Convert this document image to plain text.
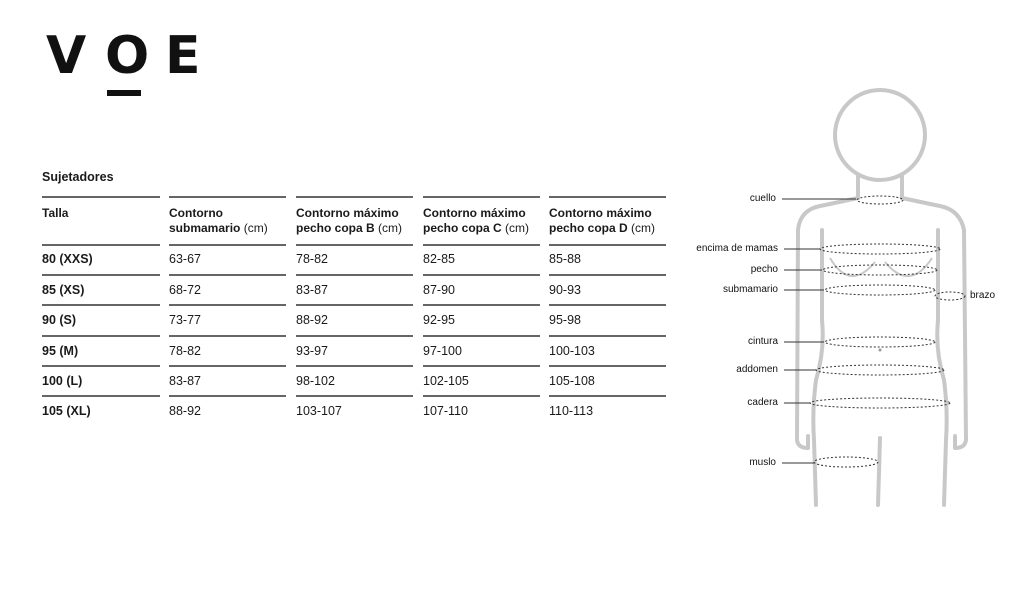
V O E
Sujetadores
Talla
80 (XXS)
85 (XS)
90 (S)
95 (M)
100 (L)
105 (XL)
Contorno
submamario (cm)
63-67
68-72
73-77
78-82
83-87
88-92
Contorno máximo
pecho copa B (cm)
78-82
83-87
88-92
93-97
98-102
103-107
Contorno máximo
pecho copa C (cm)
82-85
87-90
92-95
97-100
102-105
107-110
Contorno máximo
pecho copa D (cm)
85-88
90-93
95-98
100-103
105-108
110-113
cuello
encima de mamas
pecho
submamario
brazo
cintura
addomen
cadera
muslo
